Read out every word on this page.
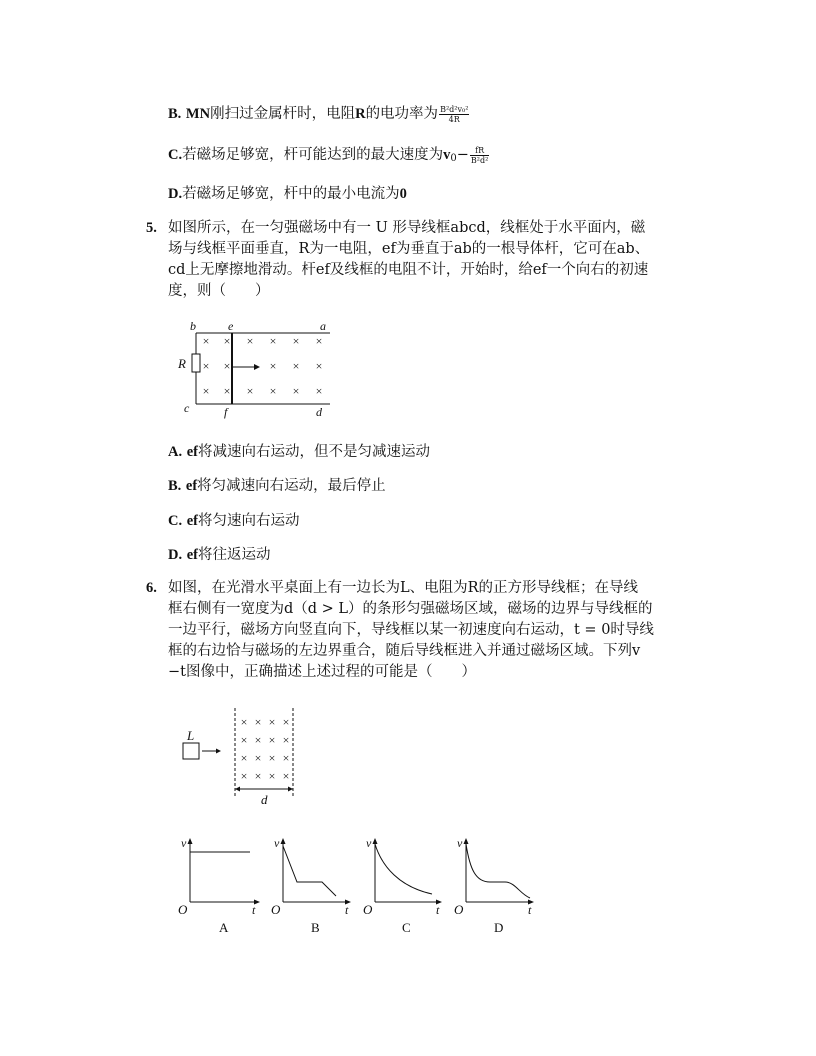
B. MN刚扫过金属杆时，电阻R的电功率为 $\frac{\text{B²d²v₀²}}{4R}$
C.若磁场足够宽，杆可能达到的最大速度为$v_0- \frac{fR}{\text{B²d²}}$
D.若磁场足够宽，杆中的最小电流为0
5. 如图所示，在一匀强磁场中有一 U 形导线框abcd，线框处于水平面内，磁
场与线框平面垂直，R为一电阻，ef为垂直于ab的一根导体杆，它可在ab、
cd上无摩擦地滑动。杆ef及线框的电阻不计，开始时，给ef一个向右的初速
度，则（　　）
b	e	a
R
c	f	d
× × × × × ×
× ×	× × ×
× × × × × ×
A. ef将减速向右运动，但不是匀减速运动
B. ef将匀减速向右运动，最后停止
C. ef将匀速向右运动
D. ef将往返运动
6. 如图，在光滑水平桌面上有一边长为L、电阻为R的正方形导线框；在导线
框右侧有一宽度为d（d > L）的条形匀强磁场区域，磁场的边界与导线框的
一边平行，磁场方向竖直向下，导线框以某一初速度向右运动，t = 0时导线
框的右边恰与磁场的左边界重合，随后导线框进入并通过磁场区域。下列v
−t图像中，正确描述上述过程的可能是（　　）
L
d
× × × ×
× × × ×
× × × ×
× × × ×
v
O	t
A
v
O	t
B
v
O	t
C
v
O	t
D
